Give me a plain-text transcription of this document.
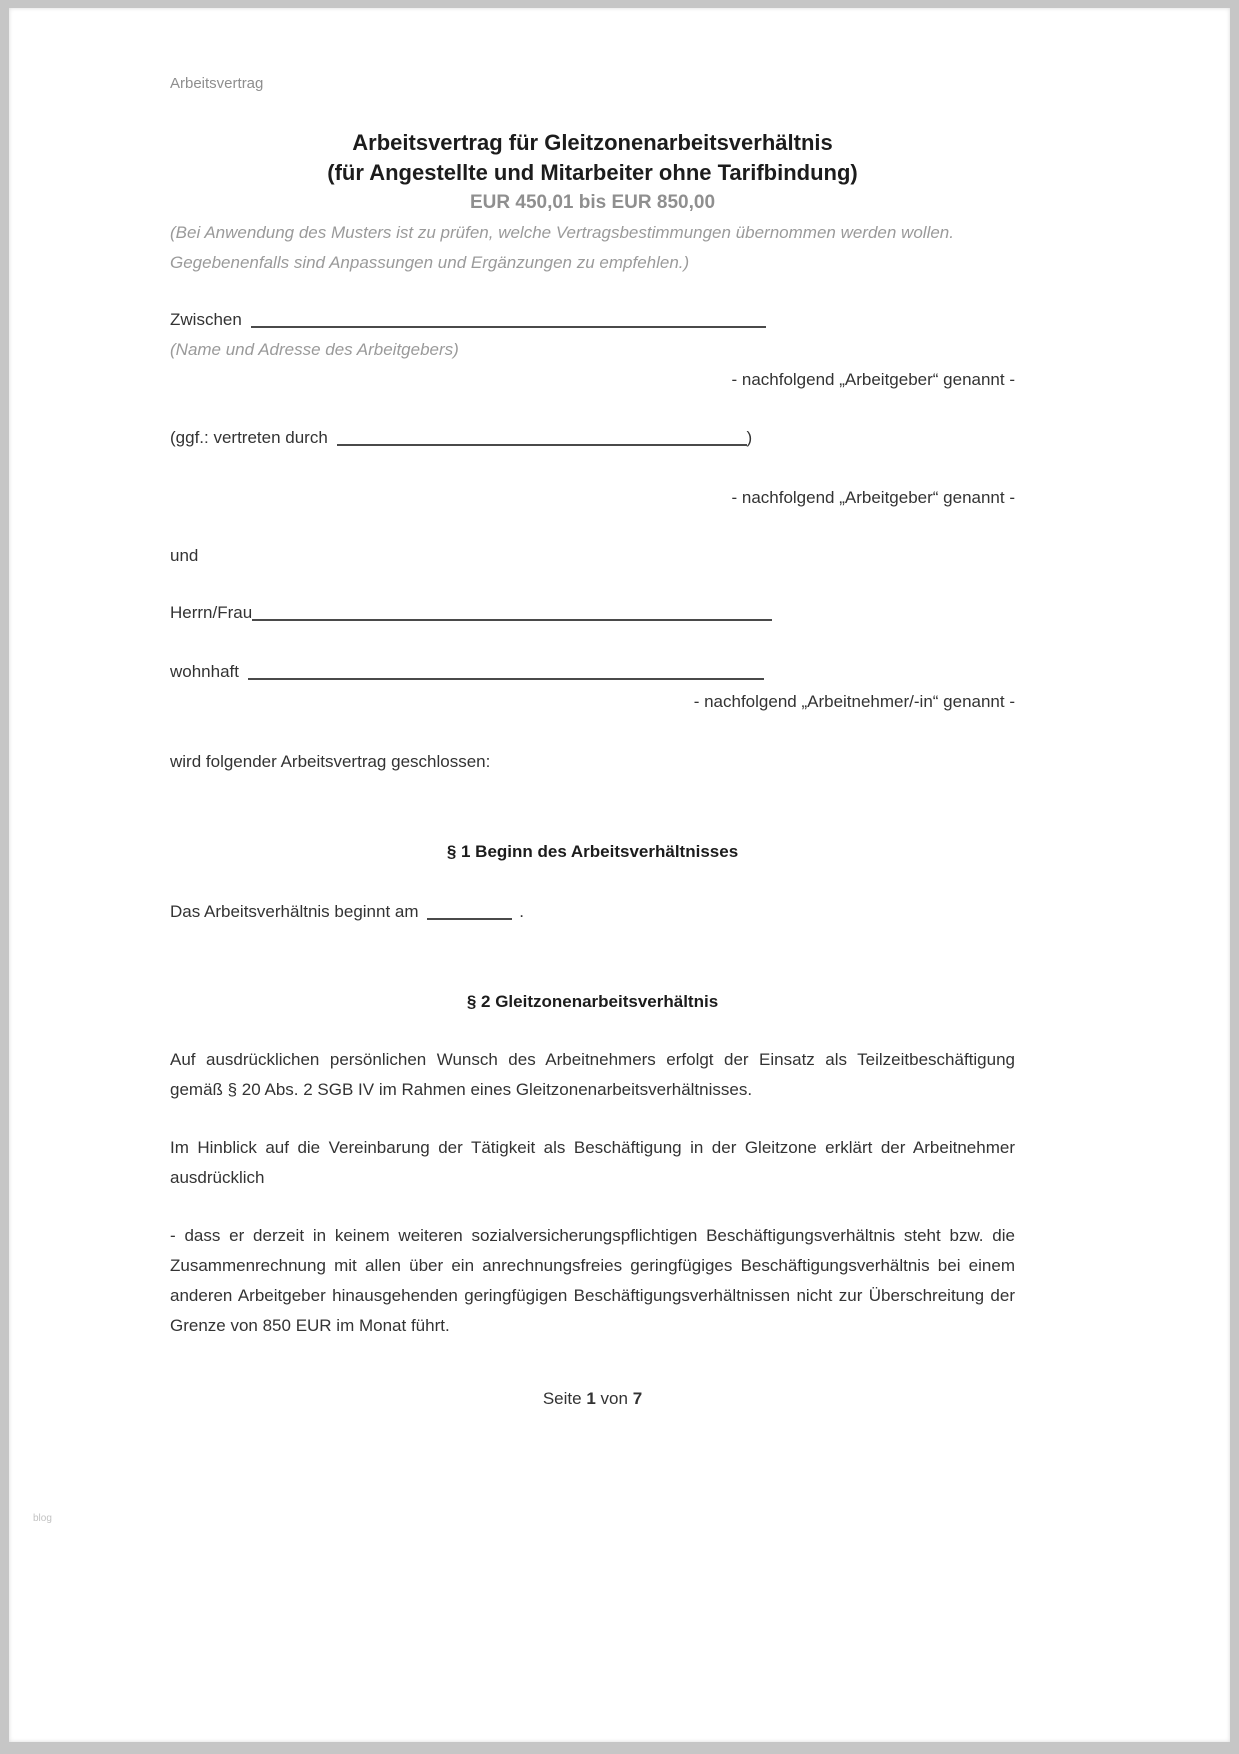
Arbeitsvertrag
Arbeitsvertrag für Gleitzonenarbeitsverhältnis
(für Angestellte und Mitarbeiter ohne Tarifbindung)
EUR 450,01 bis EUR 850,00

(Bei Anwendung des Musters ist zu prüfen, welche Vertragsbestimmungen übernommen werden wollen. Gegebenenfalls sind Anpassungen und Ergänzungen zu empfehlen.)

Zwischen

(Name und Adresse des Arbeitgebers)

- nachfolgend „Arbeitgeber“ genannt -

(ggf.: vertreten durch	)

- nachfolgend „Arbeitgeber“ genannt -

und

Herrn/Frau

wohnhaft

- nachfolgend „Arbeitnehmer/-in“ genannt -

wird folgender Arbeitsvertrag geschlossen:

§ 1 Beginn des Arbeitsverhältnisses

Das Arbeitsverhältnis beginnt am	.

§ 2 Gleitzonenarbeitsverhältnis

Auf ausdrücklichen persönlichen Wunsch des Arbeitnehmers erfolgt der Einsatz als Teilzeitbeschäftigung gemäß § 20 Abs. 2 SGB IV im Rahmen eines Gleitzonenarbeitsverhältnisses.

Im Hinblick auf die Vereinbarung der Tätigkeit als Beschäftigung in der Gleitzone erklärt der Arbeitnehmer ausdrücklich

- dass er derzeit in keinem weiteren sozialversicherungspflichtigen Beschäftigungsverhältnis steht bzw. die Zusammenrechnung mit allen über ein anrechnungsfreies geringfügiges Beschäftigungsverhältnis bei einem anderen Arbeitgeber hinausgehenden geringfügigen Beschäftigungsverhältnissen nicht zur Überschreitung der Grenze von 850 EUR im Monat führt.

Seite 1 von 7

blog
